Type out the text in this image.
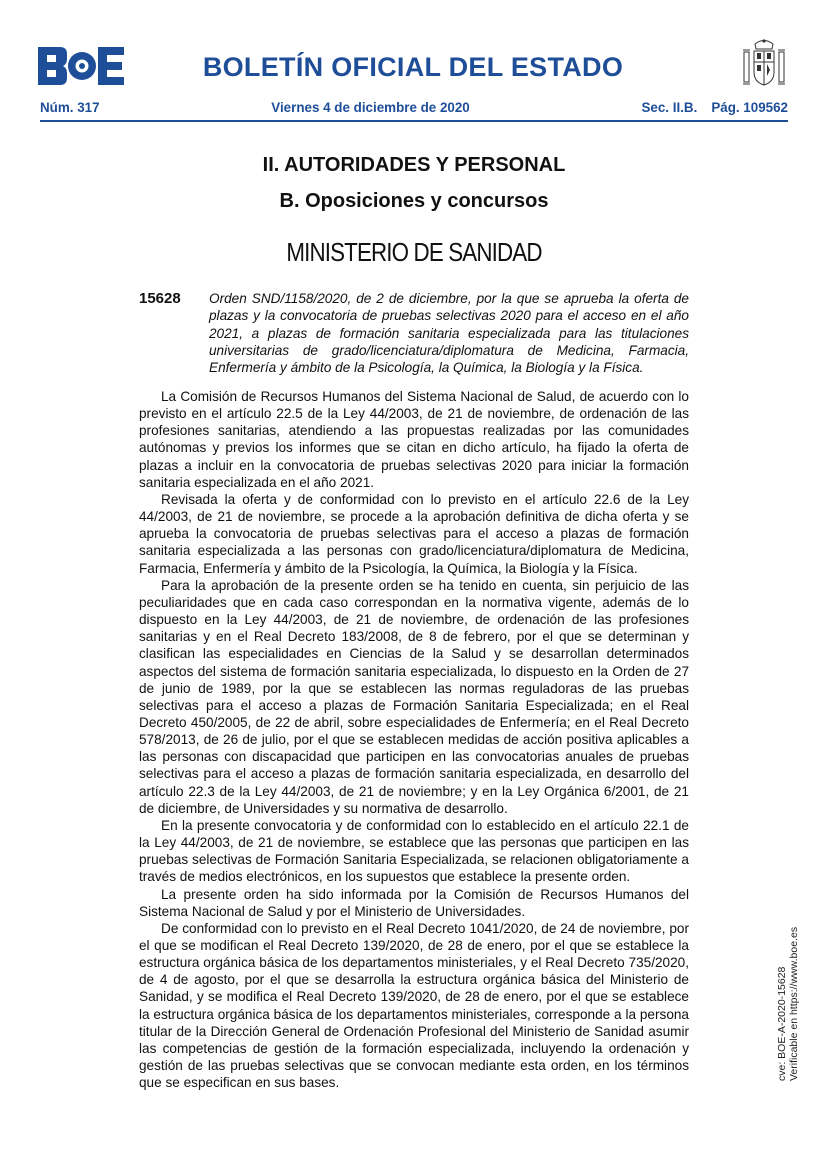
BOLETÍN OFICIAL DEL ESTADO
Núm. 317	Viernes 4 de diciembre de 2020	Sec. II.B. Pág. 109562
II. AUTORIDADES Y PERSONAL
B. Oposiciones y concursos
MINISTERIO DE SANIDAD
15628 Orden SND/1158/2020, de 2 de diciembre, por la que se aprueba la oferta de plazas y la convocatoria de pruebas selectivas 2020 para el acceso en el año 2021, a plazas de formación sanitaria especializada para las titulaciones universitarias de grado/licenciatura/diplomatura de Medicina, Farmacia, Enfermería y ámbito de la Psicología, la Química, la Biología y la Física.

La Comisión de Recursos Humanos del Sistema Nacional de Salud, de acuerdo con lo previsto en el artículo 22.5 de la Ley 44/2003, de 21 de noviembre, de ordenación de las profesiones sanitarias, atendiendo a las propuestas realizadas por las comunidades autónomas y previos los informes que se citan en dicho artículo, ha fijado la oferta de plazas a incluir en la convocatoria de pruebas selectivas 2020 para iniciar la formación sanitaria especializada en el año 2021.

Revisada la oferta y de conformidad con lo previsto en el artículo 22.6 de la Ley 44/2003, de 21 de noviembre, se procede a la aprobación definitiva de dicha oferta y se aprueba la convocatoria de pruebas selectivas para el acceso a plazas de formación sanitaria especializada a las personas con grado/licenciatura/diplomatura de Medicina, Farmacia, Enfermería y ámbito de la Psicología, la Química, la Biología y la Física.

Para la aprobación de la presente orden se ha tenido en cuenta, sin perjuicio de las peculiaridades que en cada caso correspondan en la normativa vigente, además de lo dispuesto en la Ley 44/2003, de 21 de noviembre, de ordenación de las profesiones sanitarias y en el Real Decreto 183/2008, de 8 de febrero, por el que se determinan y clasifican las especialidades en Ciencias de la Salud y se desarrollan determinados aspectos del sistema de formación sanitaria especializada, lo dispuesto en la Orden de 27 de junio de 1989, por la que se establecen las normas reguladoras de las pruebas selectivas para el acceso a plazas de Formación Sanitaria Especializada; en el Real Decreto 450/2005, de 22 de abril, sobre especialidades de Enfermería; en el Real Decreto 578/2013, de 26 de julio, por el que se establecen medidas de acción positiva aplicables a las personas con discapacidad que participen en las convocatorias anuales de pruebas selectivas para el acceso a plazas de formación sanitaria especializada, en desarrollo del artículo 22.3 de la Ley 44/2003, de 21 de noviembre; y en la Ley Orgánica 6/2001, de 21 de diciembre, de Universidades y su normativa de desarrollo.

En la presente convocatoria y de conformidad con lo establecido en el artículo 22.1 de la Ley 44/2003, de 21 de noviembre, se establece que las personas que participen en las pruebas selectivas de Formación Sanitaria Especializada, se relacionen obligatoriamente a través de medios electrónicos, en los supuestos que establece la presente orden.

La presente orden ha sido informada por la Comisión de Recursos Humanos del Sistema Nacional de Salud y por el Ministerio de Universidades.

De conformidad con lo previsto en el Real Decreto 1041/2020, de 24 de noviembre, por el que se modifican el Real Decreto 139/2020, de 28 de enero, por el que se establece la estructura orgánica básica de los departamentos ministeriales, y el Real Decreto 735/2020, de 4 de agosto, por el que se desarrolla la estructura orgánica básica del Ministerio de Sanidad, y se modifica el Real Decreto 139/2020, de 28 de enero, por el que se establece la estructura orgánica básica de los departamentos ministeriales, corresponde a la persona titular de la Dirección General de Ordenación Profesional del Ministerio de Sanidad asumir las competencias de gestión de la formación especializada, incluyendo la ordenación y gestión de las pruebas selectivas que se convocan mediante esta orden, en los términos que se especifican en sus bases.

cve: BOE-A-2020-15628 Verificable en https://www.boe.es
